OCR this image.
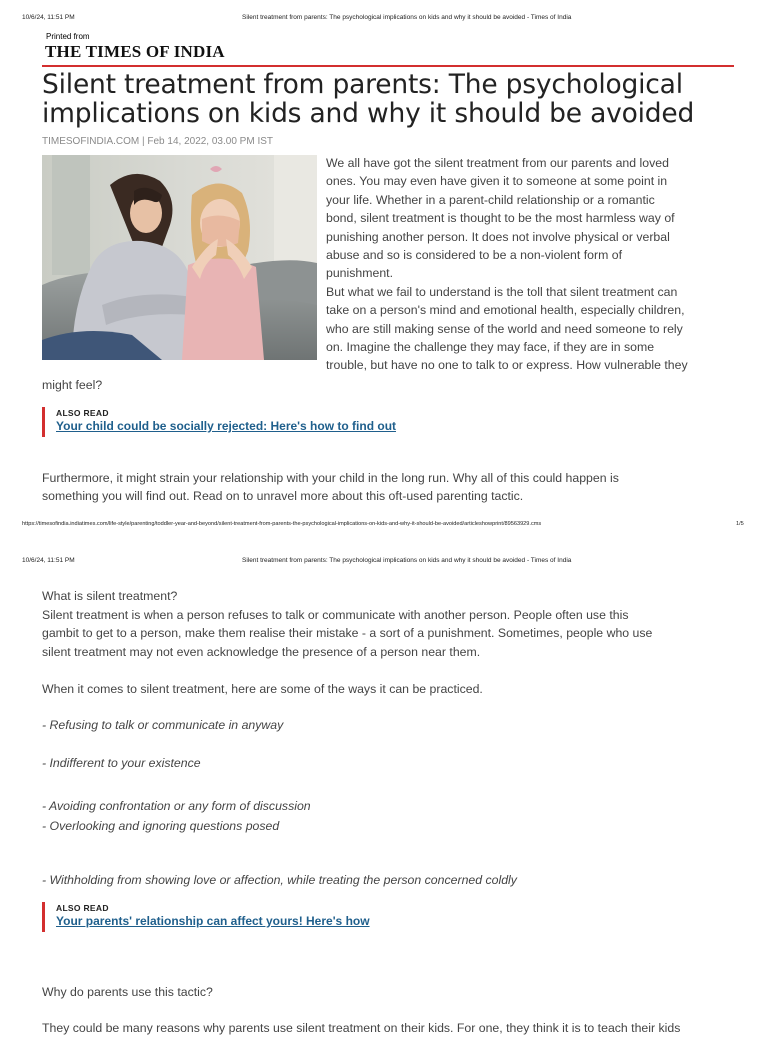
10/6/24, 11:51 PM	Silent treatment from parents: The psychological implications on kids and why it should be avoided - Times of India
Printed from
THE TIMES OF INDIA
Silent treatment from parents: The psychological
implications on kids and why it should be avoided
TIMESOFINDIA.COM | Feb 14, 2022, 03.00 PM IST
We all have got the silent treatment from our parents and loved
ones. You may even have given it to someone at some point in
your life. Whether in a parent-child relationship or a romantic
bond, silent treatment is thought to be the most harmless way of
punishing another person. It does not involve physical or verbal
abuse and so is considered to be a non-violent form of
punishment.
But what we fail to understand is the toll that silent treatment can
take on a person's mind and emotional health, especially children,
who are still making sense of the world and need someone to rely
on. Imagine the challenge they may face, if they are in some
trouble, but have no one to talk to or express. How vulnerable they
might feel?
ALSO READ
Your child could be socially rejected: Here's how to find out
Furthermore, it might strain your relationship with your child in the long run. Why all of this could happen is
something you will find out. Read on to unravel more about this oft-used parenting tactic.
https://timesofindia.indiatimes.com/life-style/parenting/toddler-year-and-beyond/silent-treatment-from-parents-the-psychological-implications-on-kids-and-why-it-should-be-avoided/articleshowprint/89563929.cms	1/5
10/6/24, 11:51 PM	Silent treatment from parents: The psychological implications on kids and why it should be avoided - Times of India
What is silent treatment?
Silent treatment is when a person refuses to talk or communicate with another person. People often use this
gambit to get to a person, make them realise their mistake - a sort of a punishment. Sometimes, people who use
silent treatment may not even acknowledge the presence of a person near them.
When it comes to silent treatment, here are some of the ways it can be practiced.
- Refusing to talk or communicate in anyway
- Indifferent to your existence
- Avoiding confrontation or any form of discussion
- Overlooking and ignoring questions posed
- Withholding from showing love or affection, while treating the person concerned coldly
ALSO READ
Your parents' relationship can affect yours! Here's how
Why do parents use this tactic?
They could be many reasons why parents use silent treatment on their kids. For one, they think it is to teach their kids
